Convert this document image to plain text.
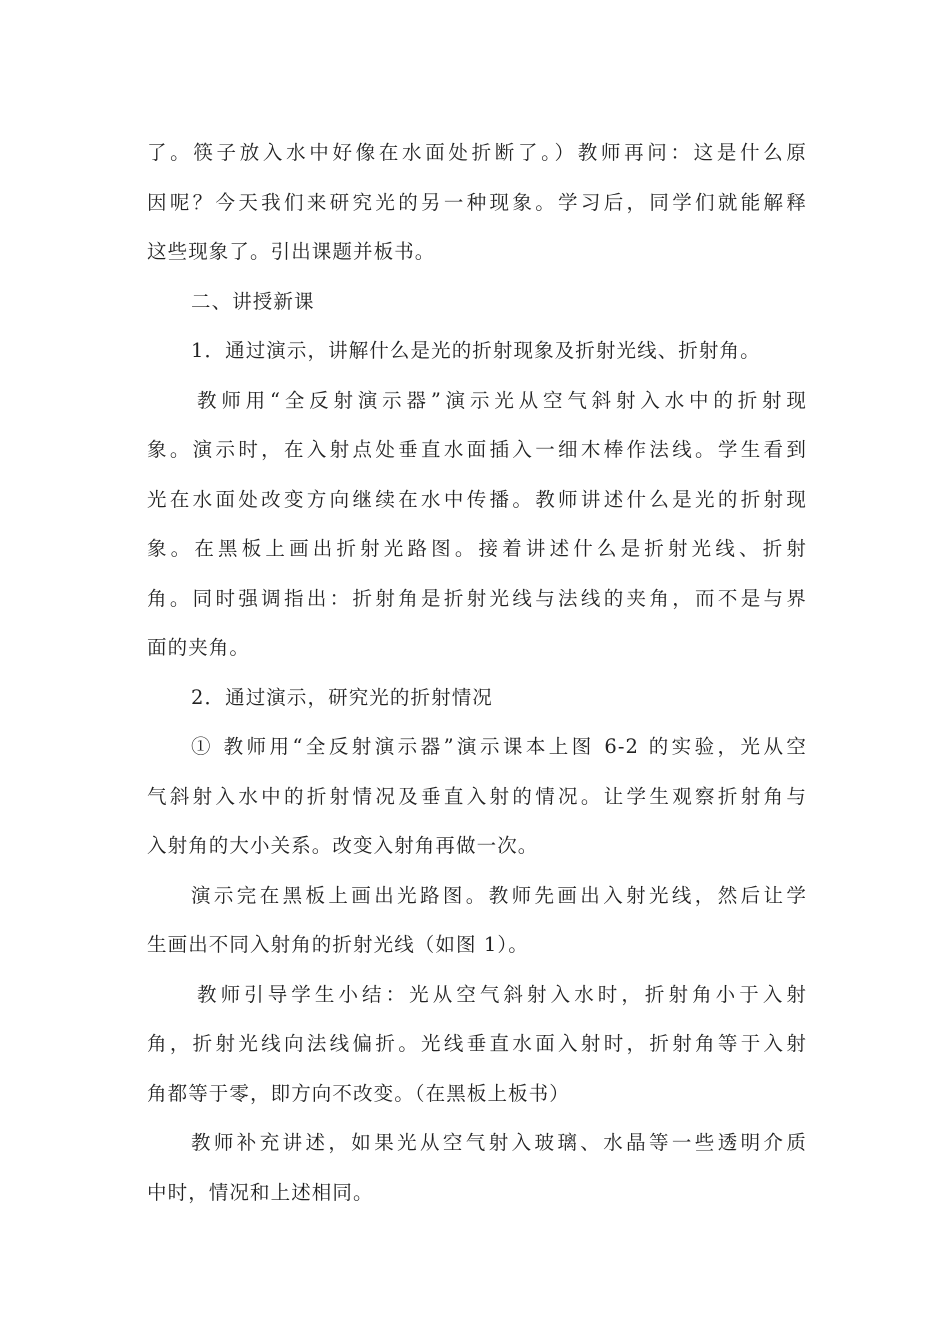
了。筷子放入水中好像在水面处折断了。）教师再问：这是什么原
因呢？今天我们来研究光的另一种现象。学习后，同学们就能解释
这些现象了。引出课题并板书。
二、讲授新课
1．通过演示，讲解什么是光的折射现象及折射光线、折射角。
教师用“全反射演示器”演示光从空气斜射入水中的折射现
象。演示时，在入射点处垂直水面插入一细木棒作法线。学生看到
光在水面处改变方向继续在水中传播。教师讲述什么是光的折射现
象。在黑板上画出折射光路图。接着讲述什么是折射光线、折射
角。同时强调指出：折射角是折射光线与法线的夹角，而不是与界
面的夹角。
2．通过演示，研究光的折射情况
① 教师用“全反射演示器”演示课本上图 6-2 的实验，光从空
气斜射入水中的折射情况及垂直入射的情况。让学生观察折射角与
入射角的大小关系。改变入射角再做一次。
演示完在黑板上画出光路图。教师先画出入射光线，然后让学
生画出不同入射角的折射光线（如图 1）。
教师引导学生小结：光从空气斜射入水时，折射角小于入射
角，折射光线向法线偏折。光线垂直水面入射时，折射角等于入射
角都等于零，即方向不改变。（在黑板上板书）
教师补充讲述，如果光从空气射入玻璃、水晶等一些透明介质
中时，情况和上述相同。
